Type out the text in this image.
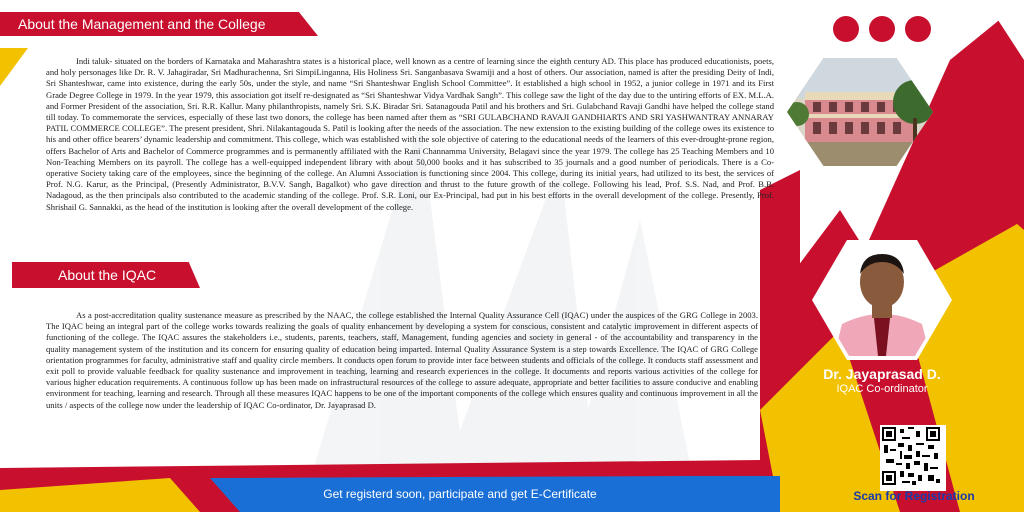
About the Management and the College

Indi taluk- situated on the borders of Karnataka and Maharashtra states is a historical place, well known as a centre of learning since the eighth century AD. This place has produced educationists, poets, and holy personages like Dr. R. V. Jahagiradar, Sri Madhurachenna, Sri SimpiLinganna, His Holiness Sri. Sanganbasava Swamiji and a host of others. Our association, named is after the presiding Deity of Indi, Sri Shanteshwar, came into existence, during the early 50s, under the style, and name “Sri Shanteshwar English School Committee”. It established a high school in 1952, a junior college in 1971 and its First Grade Degree College in 1979. In the year 1979, this association got itself re-designated as “Sri Shanteshwar Vidya Vardhak Sangh”. This college saw the light of the day due to the untiring efforts of EX. M.L.A. and Former President of the association, Sri. R.R. Kallur. Many philanthropists, namely Sri. S.K. Biradar Sri. Satanagouda Patil and his brothers and Sri. Gulabchand Ravaji Gandhi have helped the college stand till today. To commemorate the services, especially of these last two donors, the college has been named after them as “SRI GULABCHAND RAVAJI GANDHIARTS AND SRI YASHWANTRAY ANNARAY PATIL COMMERCE COLLEGE”. The present president, Shri. Nilakantagouda S. Patil is looking after the needs of the association. The new extension to the existing building of the college owes its existence to his and other office bearers’ dynamic leadership and commitment. This college, which was established with the sole objective of catering to the educational needs of the learners of this ever-drought-prone region, offers Bachelor of Arts and Bachelor of Commerce programmes and is permanently affiliated with the Rani Channamma University, Belagavi since the year 1979. The college has 25 Teaching Members and 10 Non-Teaching Members on its payroll. The college has a well-equipped independent library with about 50,000 books and it has subscribed to 35 journals and a good number of periodicals. There is a Co-operative Society taking care of the employees, since the beginning of the college. An Alumni Association is functioning since 2004. This college, during its initial years, had utilized to its best, the services of Prof. N.G. Karur, as the Principal, (Presently Administrator, B.V.V. Sangh, Bagalkot) who gave direction and thrust to the future growth of the college. Following his lead, Prof. S.S. Nad, and Prof. B.B. Nadagoud, as the then principals also contributed to the academic standing of the college. Prof. S.R. Loni, our Ex-Principal, had put in his best efforts in the overall development of the college. Presently, Prof. Shrishail G. Sannakki, as the head of the institution is looking after the overall development of the college.

About the IQAC

As a post-accreditation quality sustenance measure as prescribed by the NAAC, the college established the Internal Quality Assurance Cell (IQAC) under the auspices of the GRG College in 2003. The IQAC being an integral part of the college works towards realizing the goals of quality enhancement by developing a system for conscious, consistent and catalytic improvement in different aspects of functioning of the college. The IQAC assures the stakeholders i.e., students, parents, teachers, staff, Management, funding agencies and society in general - of the accountability and transparency in the quality management system of the institution and its concern for ensuring quality of education being imparted. Internal Quality Assurance System is a step towards Excellence. The IQAC of GRG College orientation programmes for faculty, administrative staff and quality circle members. It conducts open forum to provide inter face between students and officials of the college. It conducts staff assessment and exit poll to provide valuable feedback for quality sustenance and improvement in teaching, learning and research experiences in the college. It documents and reports various activities of the college for various higher education requirements. A continuous follow up has been made on infrastructural resources of the college to assure adequate, appropriate and better facilities to assure conducive and enabling environment for teaching, learning and research. Through all these measures IQAC happens to be one of the important components of the college which ensures quality and continuous improvement in all the units / aspects of the college now under the leadership of IQAC Co-ordinator, Dr. Jayaprasad D.

Dr. Jayaprasad D.
IQAC Co-ordinator
Get registerd soon, participate and get E-Certificate	Scan for Registration
